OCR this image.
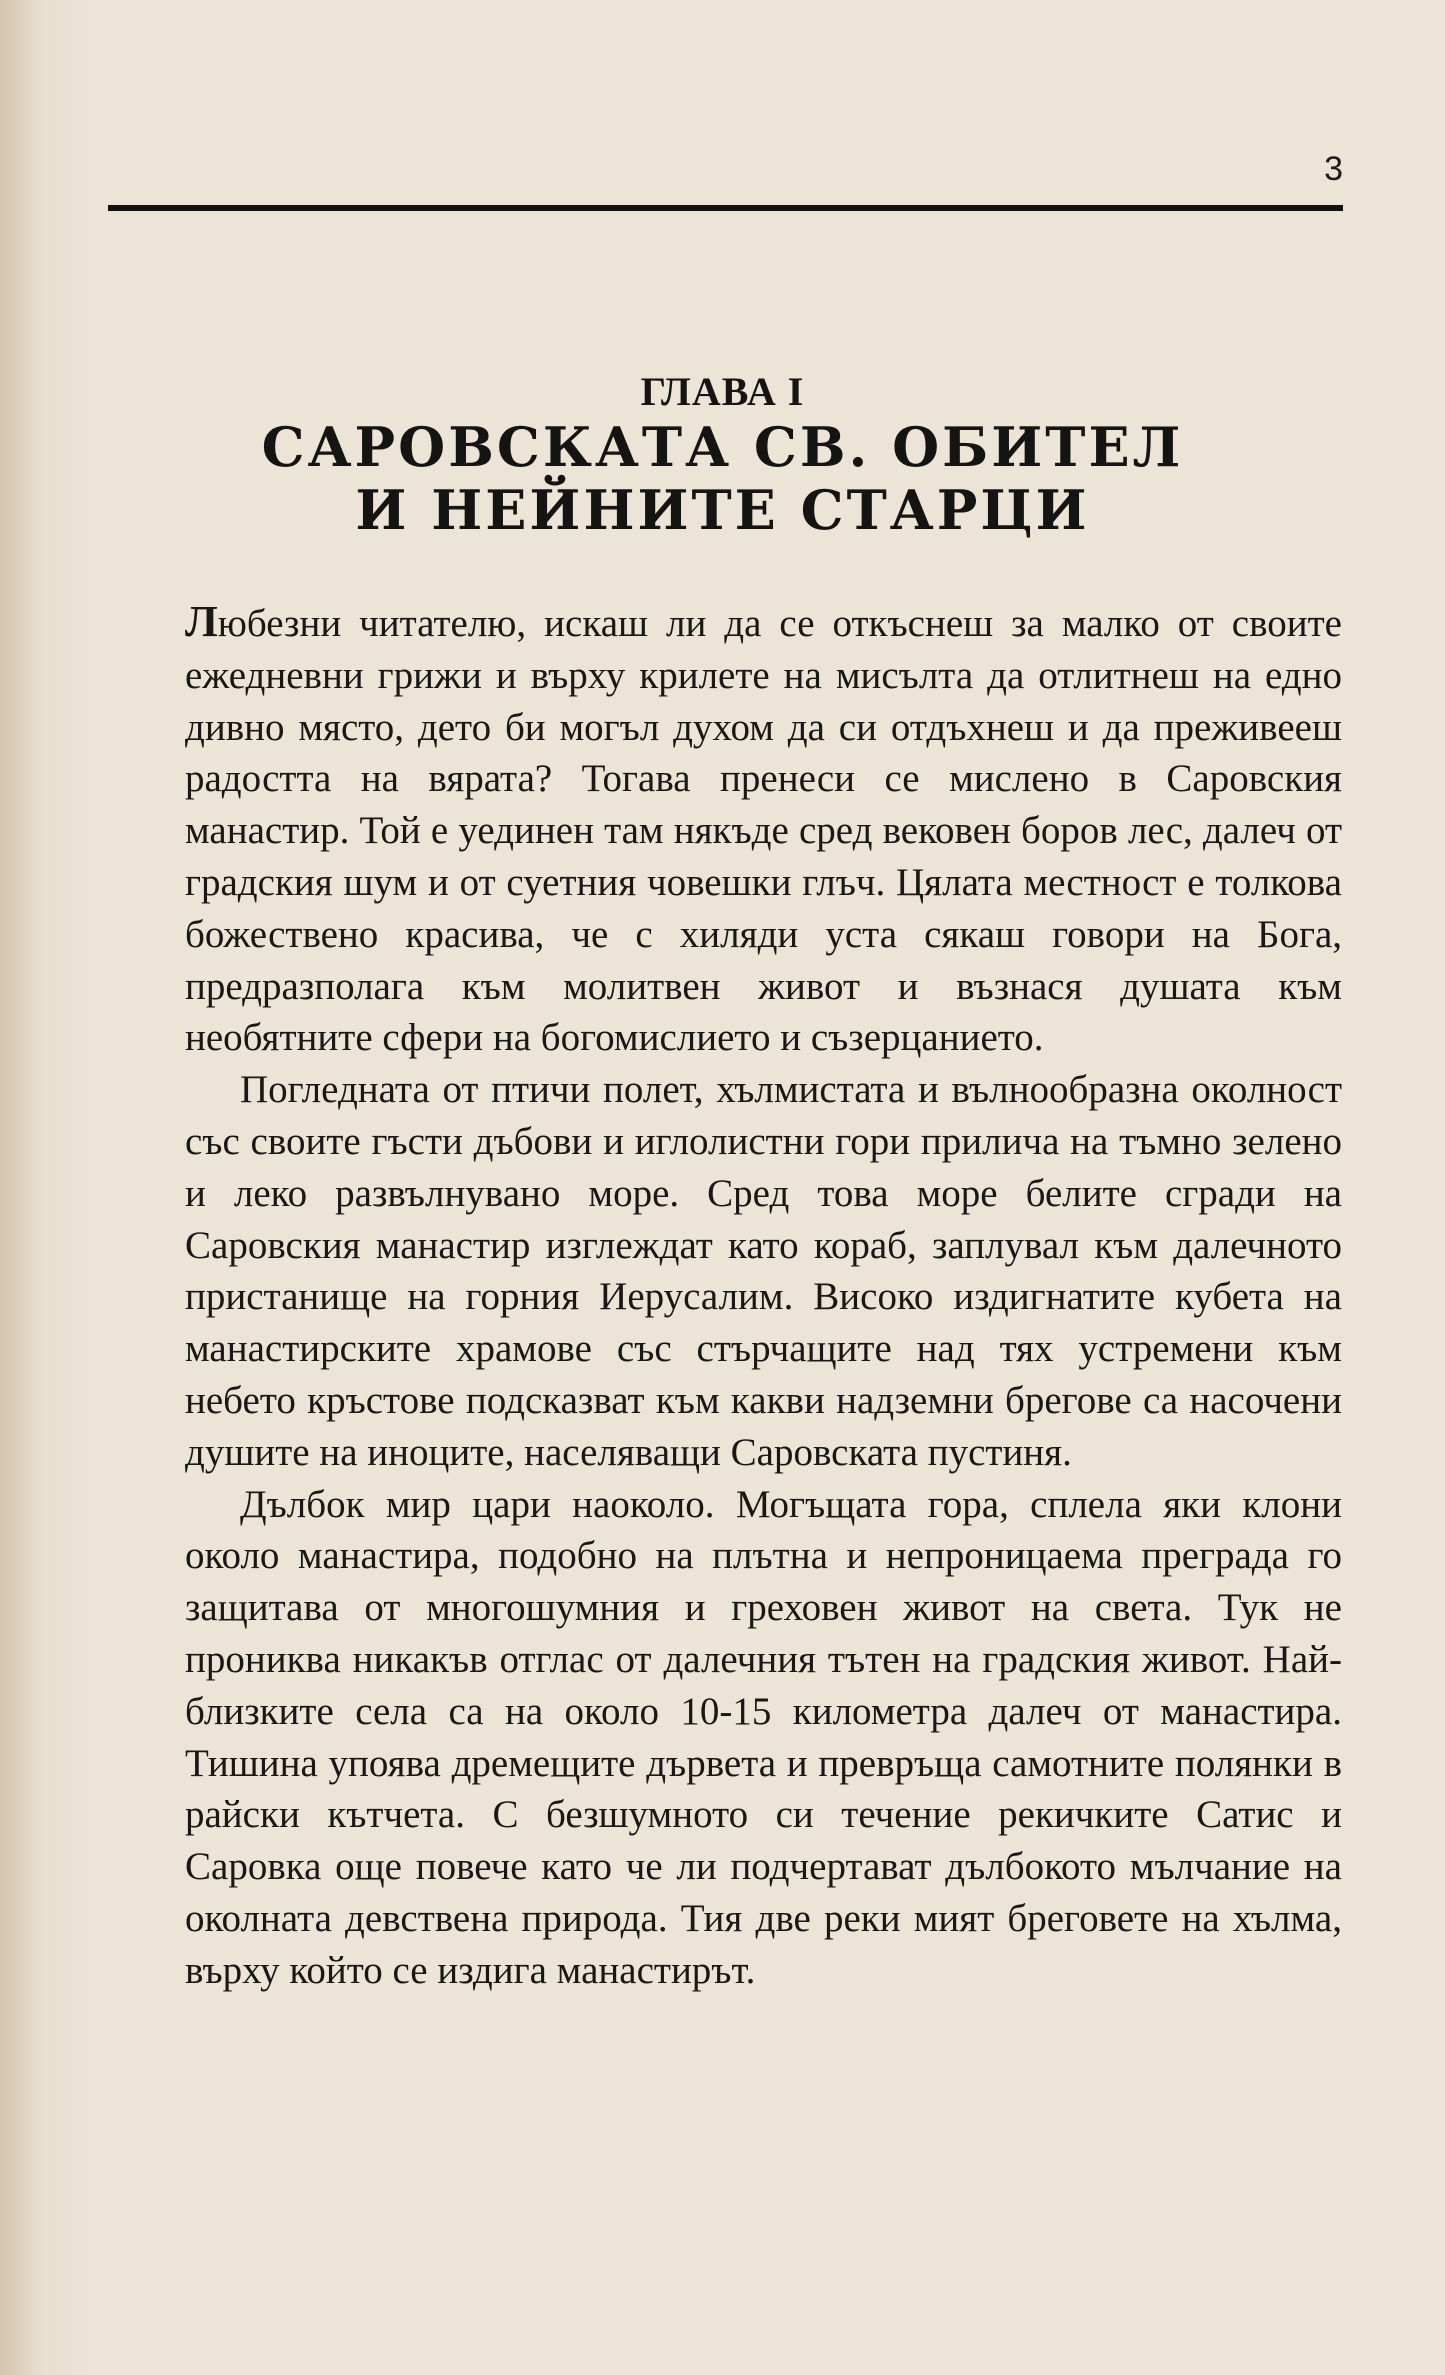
3
ГЛАВА I
САРОВСКАТА СВ. ОБИТЕЛ
И НЕЙНИТЕ СТАРЦИ

Любезни читателю, искаш ли да се откъснеш за малко от своите ежедневни грижи и върху крилете на мисълта да отлитнеш на едно дивно място, дето би могъл духом да си отдъхнеш и да преживееш радостта на вярата? Тогава пренеси се мислено в Саровския манастир. Той е уединен там някъде сред вековен боров лес, далеч от градския шум и от суетния човешки глъч. Цялата местност е толкова божествено красива, че с хиляди уста сякаш говори на Бога, предразполага към молитвен живот и възнася душата към необятните сфери на богомислието и съзерцанието.

Погледната от птичи полет, хълмистата и вълнообразна околност със своите гъсти дъбови и иглолистни гори прилича на тъмно зелено и леко развълнувано море. Сред това море белите сгради на Саровския манастир изглеждат като кораб, заплувал към далечното пристанище на горния Иерусалим. Високо издигнатите кубета на манастирските храмове със стърчащите над тях устремени към небето кръстове подсказват към какви надземни брегове са насочени душите на иноците, населяващи Саровската пустиня.

Дълбок мир цари наоколо. Могъщата гора, сплела яки клони около манастира, подобно на плътна и непроницаема преграда го защитава от многошумния и греховен живот на света. Тук не прониква никакъв отглас от далечния тътен на градския живот. Най-близките села са на около 10-15 километра далеч от манастира. Тишина упоява дремещите дървета и превръща самотните полянки в райски кътчета. С безшумното си течение рекичките Сатис и Саровка още повече като че ли подчертават дълбокото мълчание на околната девствена природа. Тия две реки мият бреговете на хълма, върху който се издига манастирът.
